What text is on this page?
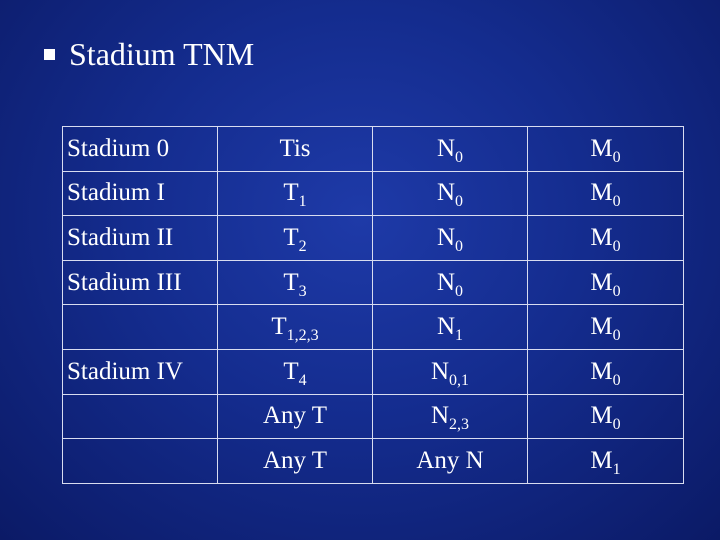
Stadium TNM
Stadium 0	Tis	$N_0$	$M_0$
Stadium I	$T_1$	$N_0$	$M_0$
Stadium II	$T_2$	$N_0$	$M_0$
Stadium III	$T_3$	$N_0$	$M_0$
	$T_{1,2,3}$	$N_1$	$M_0$
Stadium IV	$T_4$	$N_{0,1}$	$M_0$
	Any T	$N_{2,3}$	$M_0$
	Any T	Any N	$M_1$
